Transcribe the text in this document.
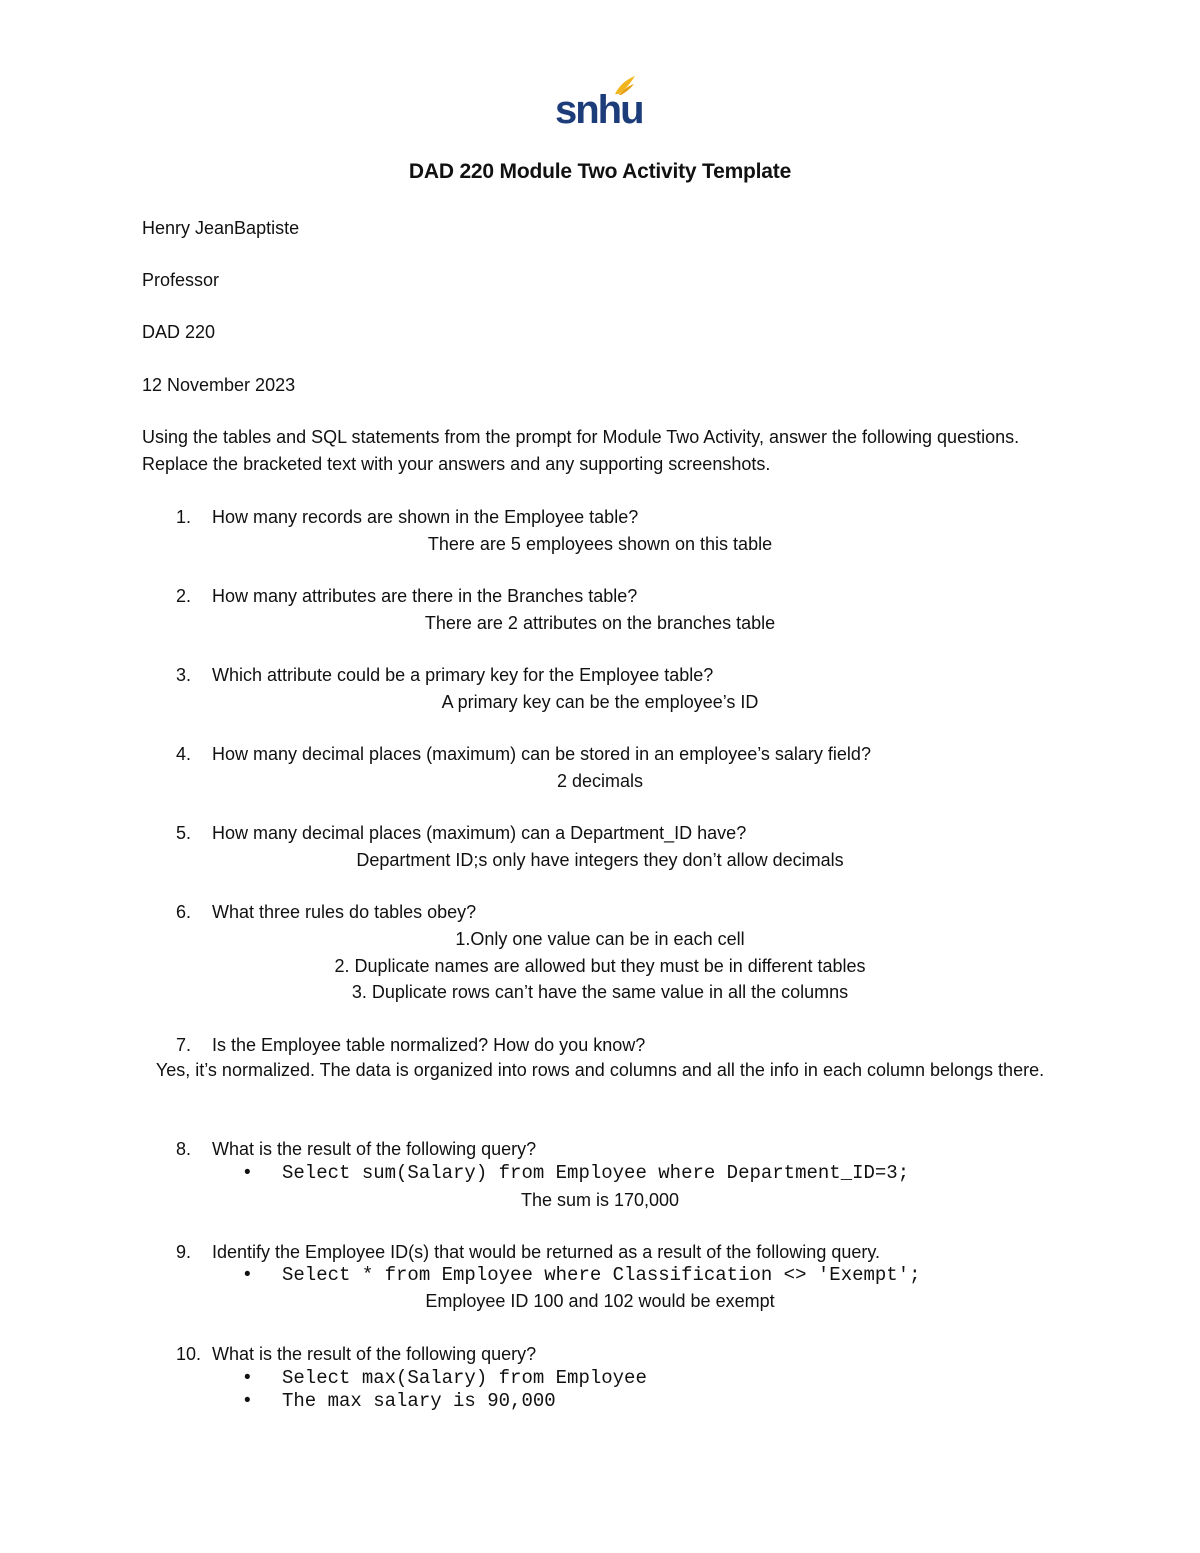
snhu
DAD 220 Module Two Activity Template
Henry JeanBaptiste
Professor
DAD 220
12 November 2023
Using the tables and SQL statements from the prompt for Module Two Activity, answer the following questions. Replace the bracketed text with your answers and any supporting screenshots.
1. How many records are shown in the Employee table?
There are 5 employees shown on this table
2. How many attributes are there in the Branches table?
There are 2 attributes on the branches table
3. Which attribute could be a primary key for the Employee table?
A primary key can be the employee’s ID
4. How many decimal places (maximum) can be stored in an employee’s salary field?
2 decimals
5. How many decimal places (maximum) can a Department_ID have?
Department ID;s only have integers they don’t allow decimals
6. What three rules do tables obey?
1.Only one value can be in each cell
2. Duplicate names are allowed but they must be in different tables
3. Duplicate rows can’t have the same value in all the columns
7. Is the Employee table normalized? How do you know?
Yes, it’s normalized. The data is organized into rows and columns and all the info in each column belongs there.
8. What is the result of the following query?
• Select sum(Salary) from Employee where Department_ID=3;
The sum is 170,000
9. Identify the Employee ID(s) that would be returned as a result of the following query.
• Select * from Employee where Classification <> 'Exempt';
Employee ID 100 and 102 would be exempt
10. What is the result of the following query?
• Select max(Salary) from Employee
• The max salary is 90,000
